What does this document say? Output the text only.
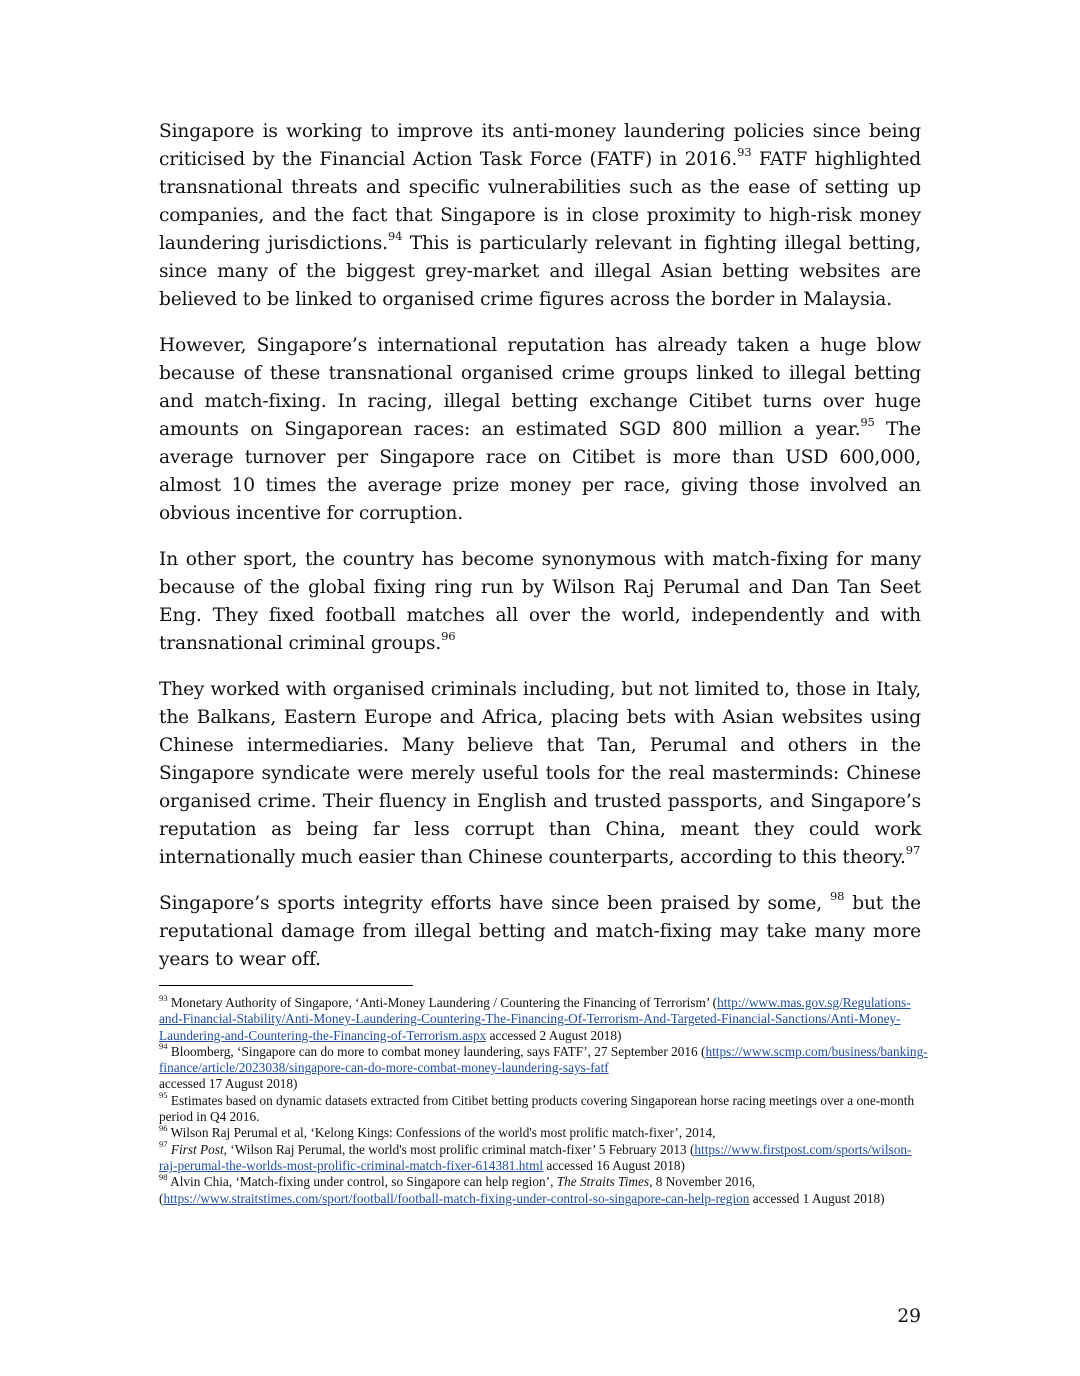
Singapore is working to improve its anti-money laundering policies since being criticised by the Financial Action Task Force (FATF) in 2016.93 FATF highlighted transnational threats and specific vulnerabilities such as the ease of setting up companies, and the fact that Singapore is in close proximity to high-risk money laundering jurisdictions.$^{94}$ This is particularly relevant in fighting illegal betting, since many of the biggest grey-market and illegal Asian betting websites are believed to be linked to organised crime figures across the border in Malaysia.

However, Singapore’s international reputation has already taken a huge blow because of these transnational organised crime groups linked to illegal betting and match-fixing. In racing, illegal betting exchange Citibet turns over huge amounts on Singaporean races: an estimated SGD 800 million a year.$^{95}$ The average turnover per Singapore race on Citibet is more than USD 600,000, almost 10 times the average prize money per race, giving those involved an obvious incentive for corruption.

In other sport, the country has become synonymous with match-fixing for many because of the global fixing ring run by Wilson Raj Perumal and Dan Tan Seet Eng. They fixed football matches all over the world, independently and with transnational criminal groups.$^{96}$

They worked with organised criminals including, but not limited to, those in Italy, the Balkans, Eastern Europe and Africa, placing bets with Asian websites using Chinese intermediaries. Many believe that Tan, Perumal and others in the Singapore syndicate were merely useful tools for the real masterminds: Chinese organised crime. Their fluency in English and trusted passports, and Singapore’s reputation as being far less corrupt than China, meant they could work internationally much easier than Chinese counterparts, according to this theory.$^{97}$

Singapore’s sports integrity efforts have since been praised by some, $^{98}$ but the reputational damage from illegal betting and match-fixing may take many more years to wear off.

$^{93}$ Monetary Authority of Singapore, ‘Anti-Money Laundering / Countering the Financing of Terrorism’ (http://www.mas.gov.sg/Regulations-and-Financial-Stability/Anti-Money-Laundering-Countering-The-Financing-Of-Terrorism-And-Targeted-Financial-Sanctions/Anti-Money-Laundering-and-Countering-the-Financing-of-Terrorism.aspx accessed 2 August 2018)

$^{94}$ Bloomberg, ‘Singapore can do more to combat money laundering, says FATF’, 27 September 2016 (https://www.scmp.com/business/banking-finance/article/2023038/singapore-can-do-more-combat-money-laundering-says-fatf
accessed 17 August 2018)

$^{95}$ Estimates based on dynamic datasets extracted from Citibet betting products covering Singaporean horse racing meetings over a one-month period in Q4 2016.

$^{96}$ Wilson Raj Perumal et al, ‘Kelong Kings: Confessions of the world's most prolific match-fixer’, 2014,

$^{97}$ First Post, ‘Wilson Raj Perumal, the world's most prolific criminal match-fixer’ 5 February 2013 (https://www.firstpost.com/sports/wilson-raj-perumal-the-worlds-most-prolific-criminal-match-fixer-614381.html accessed 16 August 2018)

$^{98}$ Alvin Chia, ‘Match-fixing under control, so Singapore can help region’, The Straits Times, 8 November 2016, (https://www.straitstimes.com/sport/football/football-match-fixing-under-control-so-singapore-can-help-region accessed 1 August 2018)

29
